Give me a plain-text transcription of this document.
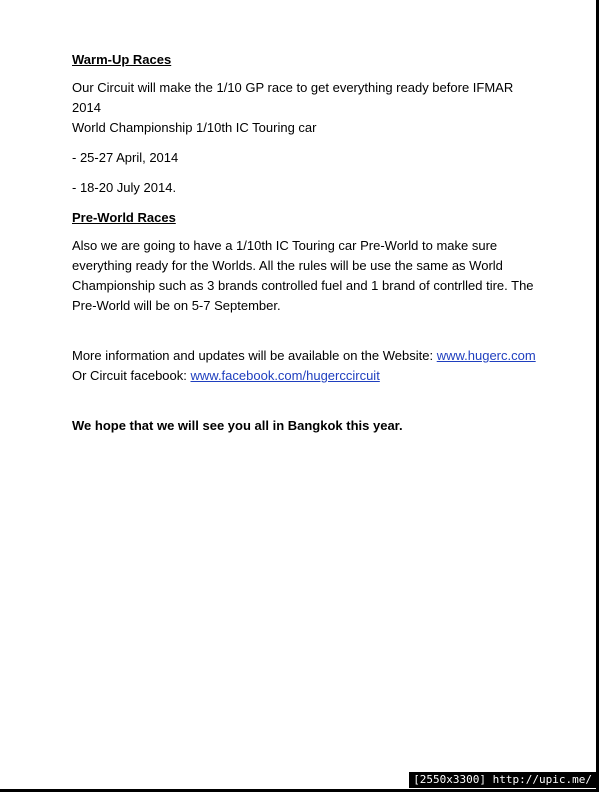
Warm-Up Races
Our Circuit will make the 1/10 GP race to get everything ready before IFMAR 2014
World Championship 1/10th IC Touring car
- 25-27 April, 2014
- 18-20 July 2014.
Pre-World Races
Also we are going to have a 1/10th IC Touring car Pre-World to make sure
everything ready for the Worlds. All the rules will be use the same as World
Championship such as 3 brands controlled fuel and 1 brand of contrlled tire. The
Pre-World will be on 5-7 September.
More information and updates will be available on the Website: www.hugerc.com
Or Circuit facebook: www.facebook.com/hugerccircuit
We hope that we will see you all in Bangkok this year.
[2550x3300] http://upic.me/
